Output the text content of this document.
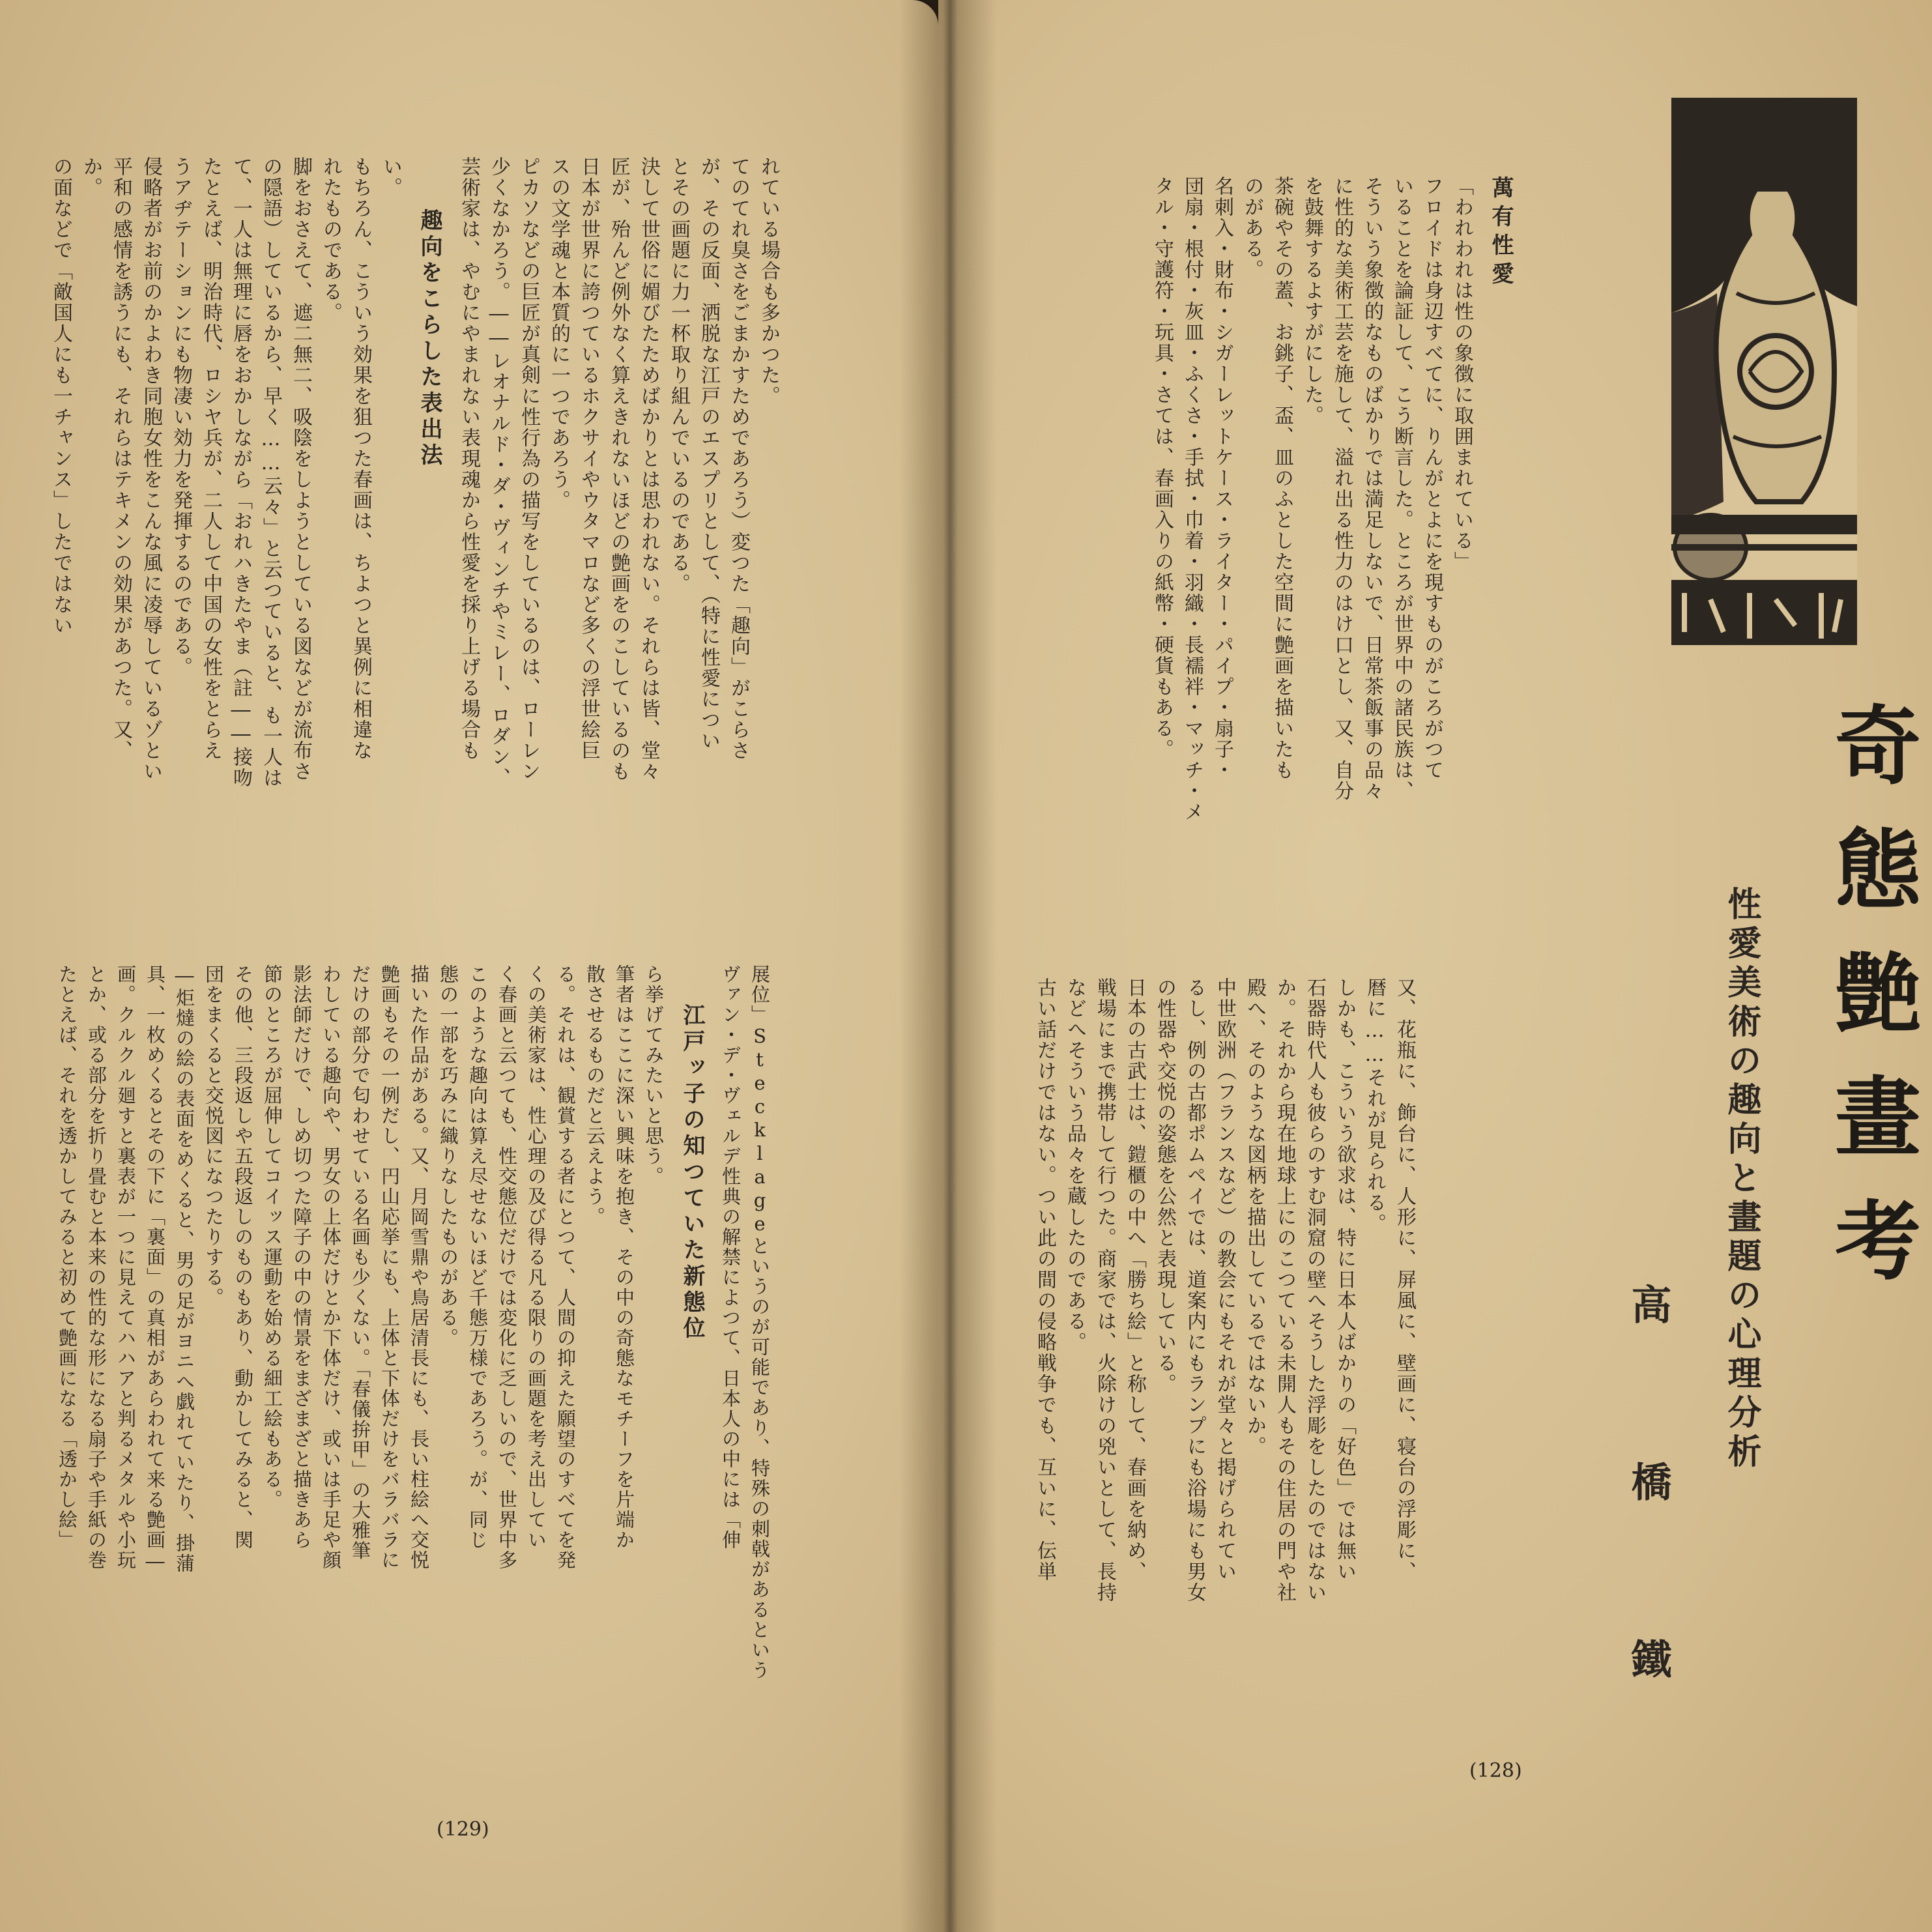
奇態艶畫考
性愛美術の趣向と畫題の心理分析
高橋鐵
萬有性愛

「われわれは性の象徴に取囲まれている」

フロイドは身辺すべてに、りんがとよにを現すものがころがつて

いることを論証して、こう断言した。ところが世界中の諸民族は、

そういう象徴的なものばかりでは満足しないで、日常茶飯事の品々

に性的な美術工芸を施して、溢れ出る性力のはけ口とし、又、自分

を鼓舞するよすがにした。

茶碗やその蓋、お銚子、盃、皿のふとした空間に艶画を描いたも

のがある。

名刺入・財布・シガーレットケース・ライター・パイプ・扇子・

団扇・根付・灰皿・ふくさ・手拭・巾着・羽織・長襦袢・マッチ・メ

タル・守護符・玩具・さては、春画入りの紙幣・硬貨もある。

又、花瓶に、飾台に、人形に、屏風に、壁画に、寝台の浮彫に、

暦に……それが見られる。

しかも、こういう欲求は、特に日本人ばかりの「好色」では無い

石器時代人も彼らのすむ洞窟の壁へそうした浮彫をしたのではない

か。それから現在地球上にのこつている未開人もその住居の門や社

殿へ、そのような図柄を描出しているではないか。

中世欧洲（フランスなど）の教会にもそれが堂々と掲げられてい

るし、例の古都ポムペイでは、道案内にもランプにも浴場にも男女

の性器や交悦の姿態を公然と表現している。

日本の古武士は、鎧櫃の中へ「勝ち絵」と称して、春画を納め、

戦場にまで携帯して行つた。商家では、火除けの兇いとして、長持

などへそういう品々を蔵したのである。

古い話だけではない。つい此の間の侵略戦争でも、互いに、伝単

(128)

れている場合も多かつた。

てのてれ臭さをごまかすためであろう）変つた「趣向」がこらさ

が、その反面、洒脱な江戸のエスプリとして、（特に性愛につい

とその画題に力一杯取り組んでいるのである。

決して世俗に媚びたためばかりとは思われない。それらは皆、堂々

匠が、殆んど例外なく算えきれないほどの艶画をのこしているのも

日本が世界に誇つているホクサイやウタマロなど多くの浮世絵巨

スの文学魂と本質的に一つであろう。

ピカソなどの巨匠が真剣に性行為の描写をしているのは、ローレン

少くなかろう。――レオナルド・ダ・ヴィンチやミレー、ロダン、

芸術家は、やむにやまれない表現魂から性愛を採り上げる場合も

趣向をこらした表出法

い。

もちろん、こういう効果を狙つた春画は、ちよつと異例に相違な

れたものである。

脚をおさえて、遮二無二、吸陰をしようとしている図などが流布さ

の隠語）しているから、早く……云々」と云つていると、も一人は

て、一人は無理に唇をおかしながら「おれハきたやま（註――接吻

たとえば、明治時代、ロシヤ兵が、二人して中国の女性をとらえ

うアヂテーションにも物凄い効力を発揮するのである。

侵略者がお前のかよわき同胞女性をこんな風に凌辱しているゾとい

平和の感情を誘うにも、それらはテキメンの効果があつた。又、

か。

の面などで「敵国人にも一チャンス」したではない

展位」Stecklageというのが可能であり、特殊の刺戟があるという

ヴァン・デ・ヴェルデ性典の解禁によつて、日本人の中には「伸

江戸ッ子の知つていた新態位

ら挙げてみたいと思う。

筆者はここに深い興味を抱き、その中の奇態なモチーフを片端か

散させるものだと云えよう。

る。それは、観賞する者にとつて、人間の抑えた願望のすべてを発

くの美術家は、性心理の及び得る凡る限りの画題を考え出してい

く春画と云つても、性交態位だけでは変化に乏しいので、世界中多

このような趣向は算え尽せないほど千態万様であろう。が、同じ

態の一部を巧みに織りなしたものがある。

描いた作品がある。又、月岡雪鼎や鳥居清長にも、長い柱絵へ交悦

艶画もその一例だし、円山応挙にも、上体と下体だけをバラバラに

だけの部分で匂わせている名画も少くない。「春儀拚甲」の大雅筆

わしている趣向や、男女の上体だけとか下体だけ、或いは手足や顔

影法師だけで、しめ切つた障子の中の情景をまざまざと描きあら

節のところが屈伸してコイッス運動を始める細工絵もある。

その他、三段返しや五段返しのものもあり、動かしてみると、関

団をまくると交悦図になつたりする。

―炬燵の絵の表面をめくると、男の足がヨニへ戯れていたり、掛蒲

具、一枚めくるとその下に「裏面」の真相があらわれて来る艶画―

画。クルクル廻すと裏表が一つに見えてハハアと判るメタルや小玩

とか、或る部分を折り畳むと本来の性的な形になる扇子や手紙の巻

たとえば、それを透かしてみると初めて艶画になる「透かし絵」

(129)
